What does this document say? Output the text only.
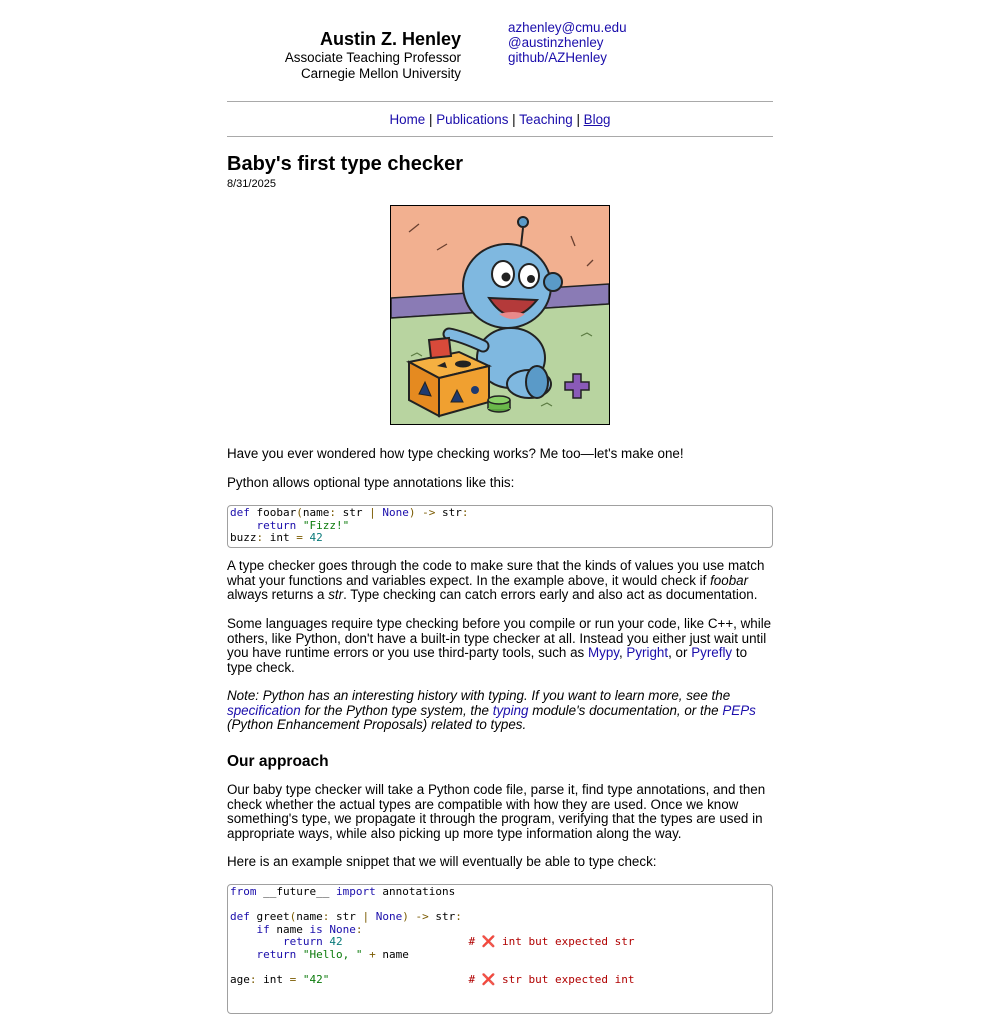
Austin Z. Henley
Associate Teaching Professor
Carnegie Mellon University
azhenley@cmu.edu
@austinzhenley
github/AZHenley
Home | Publications | Teaching | Blog
Baby's first type checker
8/31/2025

Have you ever wondered how type checking works? Me too—let's make one!

Python allows optional type annotations like this:

def foobar(name: str | None) -> str:
return "Fizz!"
buzz: int = 42

A type checker goes through the code to make sure that the kinds of values you use match what your functions and variables expect. In the example above, it would check if foobar always returns a str. Type checking can catch errors early and also act as documentation.

Some languages require type checking before you compile or run your code, like C++, while others, like Python, don't have a built-in type checker at all. Instead you either just wait until you have runtime errors or you use third-party tools, such as Mypy, Pyright, or Pyrefly to type check.

Note: Python has an interesting history with typing. If you want to learn more, see the specification for the Python type system, the typing module's documentation, or the PEPs (Python Enhancement Proposals) related to types.

Our approach

Our baby type checker will take a Python code file, parse it, find type annotations, and then check whether the actual types are compatible with how they are used. Once we know something's type, we propagate it through the program, verifying that the types are used in appropriate ways, while also picking up more type information along the way.

Here is an example snippet that we will eventually be able to type check:

from __future__ import annotations

def greet(name: str | None) -> str:
if name is None:
return 42	# ❌ int but expected str
return "Hello, " + name

age: int = "42"	# ❌ str but expected int
